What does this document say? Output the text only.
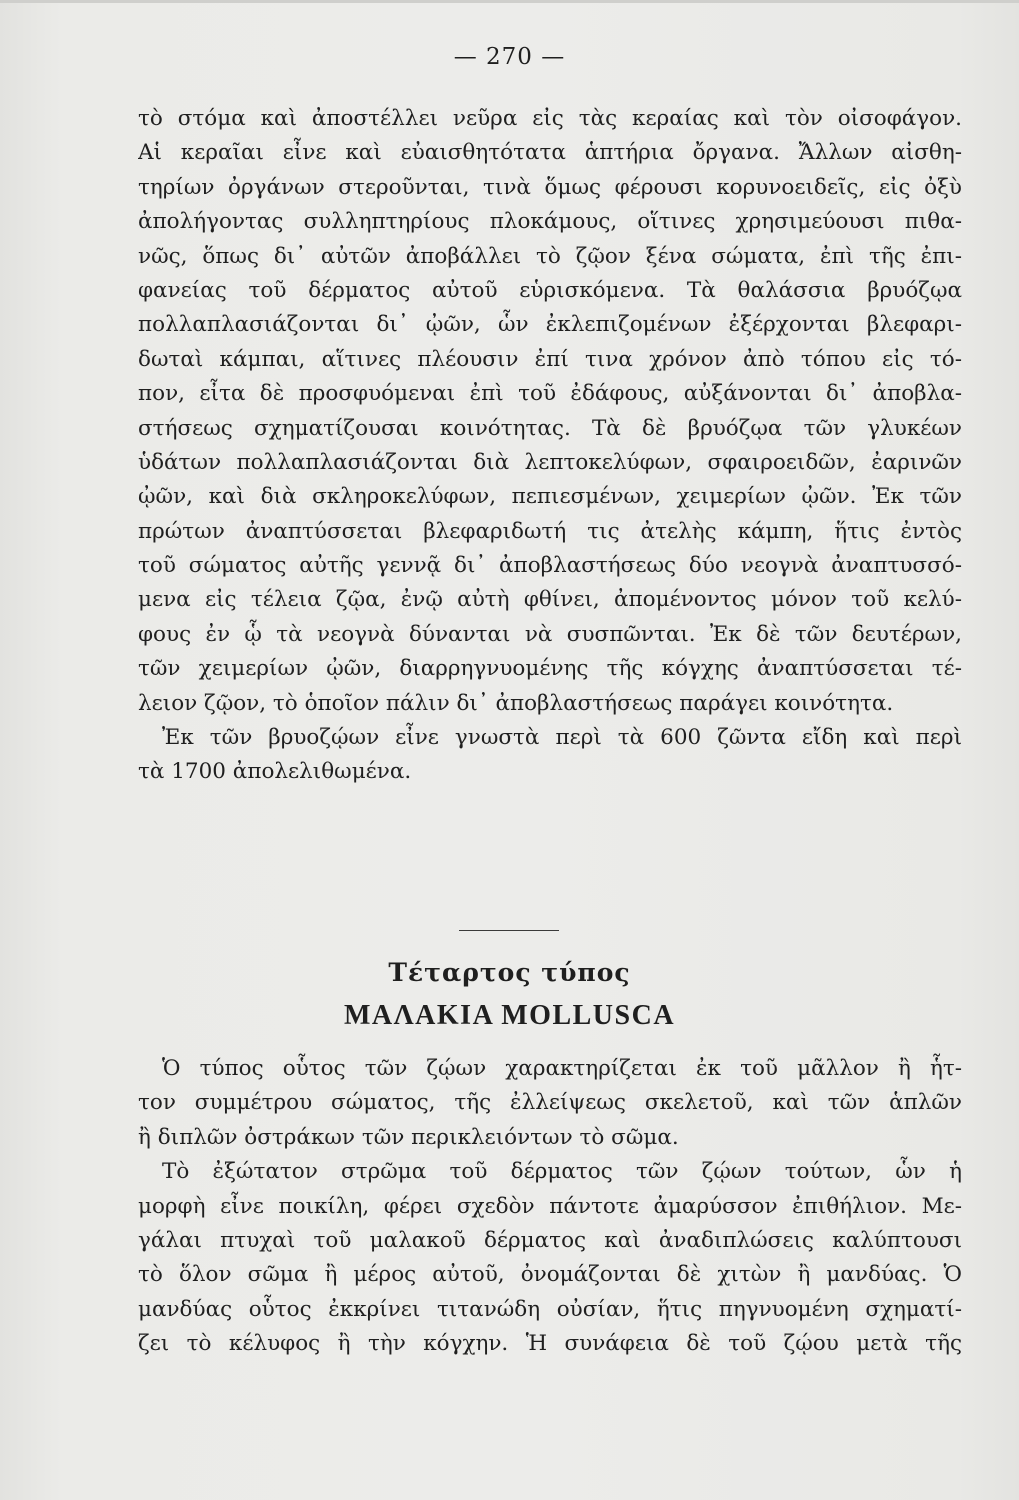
— 270 —
τὸ στόμα καὶ ἀποστέλλει νεῦρα εἰς τὰς κεραίας καὶ τὸν οἰσοφάγον.
Αἱ κεραῖαι εἶνε καὶ εὐαισθητότατα ἁπτήρια ὄργανα. Ἄλλων αἰσθη-
τηρίων ὀργάνων στεροῦνται, τινὰ ὅμως φέρουσι κορυνοειδεῖς, εἰς ὀξὺ
ἀπολήγοντας συλληπτηρίους πλοκάμους, οἵτινες χρησιμεύουσι πιθα-
νῶς, ὅπως δι᾽ αὐτῶν ἀποβάλλει τὸ ζῷον ξένα σώματα, ἐπὶ τῆς ἐπι-
φανείας τοῦ δέρματος αὐτοῦ εὑρισκόμενα. Τὰ θαλάσσια βρυόζῳα
πολλαπλασιάζονται δι᾽ ᾠῶν, ὧν ἐκλεπιζομένων ἐξέρχονται βλεφαρι-
δωταὶ κάμπαι, αἵτινες πλέουσιν ἐπί τινα χρόνον ἀπὸ τόπου εἰς τό-
πον, εἶτα δὲ προσφυόμεναι ἐπὶ τοῦ ἐδάφους, αὐξάνονται δι᾽ ἀποβλα-
στήσεως σχηματίζουσαι κοινότητας. Τὰ δὲ βρυόζῳα τῶν γλυκέων
ὑδάτων πολλαπλασιάζονται διὰ λεπτοκελύφων, σφαιροειδῶν, ἐαρινῶν
ᾠῶν, καὶ διὰ σκληροκελύφων, πεπιεσμένων, χειμερίων ᾠῶν. Ἐκ τῶν
πρώτων ἀναπτύσσεται βλεφαριδωτή τις ἀτελὴς κάμπη, ἥτις ἐντὸς
τοῦ σώματος αὐτῆς γεννᾷ δι᾽ ἀποβλαστήσεως δύο νεογνὰ ἀναπτυσσό-
μενα εἰς τέλεια ζῷα, ἐνῷ αὐτὴ φθίνει, ἀπομένοντος μόνον τοῦ κελύ-
φους ἐν ᾧ τὰ νεογνὰ δύνανται νὰ συσπῶνται. Ἐκ δὲ τῶν δευτέρων,
τῶν χειμερίων ᾠῶν, διαρρηγνυομένης τῆς κόγχης ἀναπτύσσεται τέ-
λειον ζῷον, τὸ ὁποῖον πάλιν δι᾽ ἀποβλαστήσεως παράγει κοινότητα.
Ἐκ τῶν βρυοζῴων εἶνε γνωστὰ περὶ τὰ 600 ζῶντα εἴδη καὶ περὶ
τὰ 1700 ἀπολελιθωμένα.
Τέταρτος τύπος
ΜΑΛΑΚΙΑ MOLLUSCA
Ὁ τύπος οὗτος τῶν ζῴων χαρακτηρίζεται ἐκ τοῦ μᾶλλον ἢ ἧτ-
τον συμμέτρου σώματος, τῆς ἐλλείψεως σκελετοῦ, καὶ τῶν ἁπλῶν
ἢ διπλῶν ὀστράκων τῶν περικλειόντων τὸ σῶμα.
Τὸ ἐξώτατον στρῶμα τοῦ δέρματος τῶν ζῴων τούτων, ὧν ἡ
μορφὴ εἶνε ποικίλη, φέρει σχεδὸν πάντοτε ἀμαρύσσον ἐπιθήλιον. Με-
γάλαι πτυχαὶ τοῦ μαλακοῦ δέρματος καὶ ἀναδιπλώσεις καλύπτουσι
τὸ ὅλον σῶμα ἢ μέρος αὐτοῦ, ὀνομάζονται δὲ χιτὼν ἢ μανδύας. Ὁ
μανδύας οὗτος ἐκκρίνει τιτανώδη οὐσίαν, ἥτις πηγνυομένη σχηματί-
ζει τὸ κέλυφος ἢ τὴν κόγχην. Ἡ συνάφεια δὲ τοῦ ζῴου μετὰ τῆς
